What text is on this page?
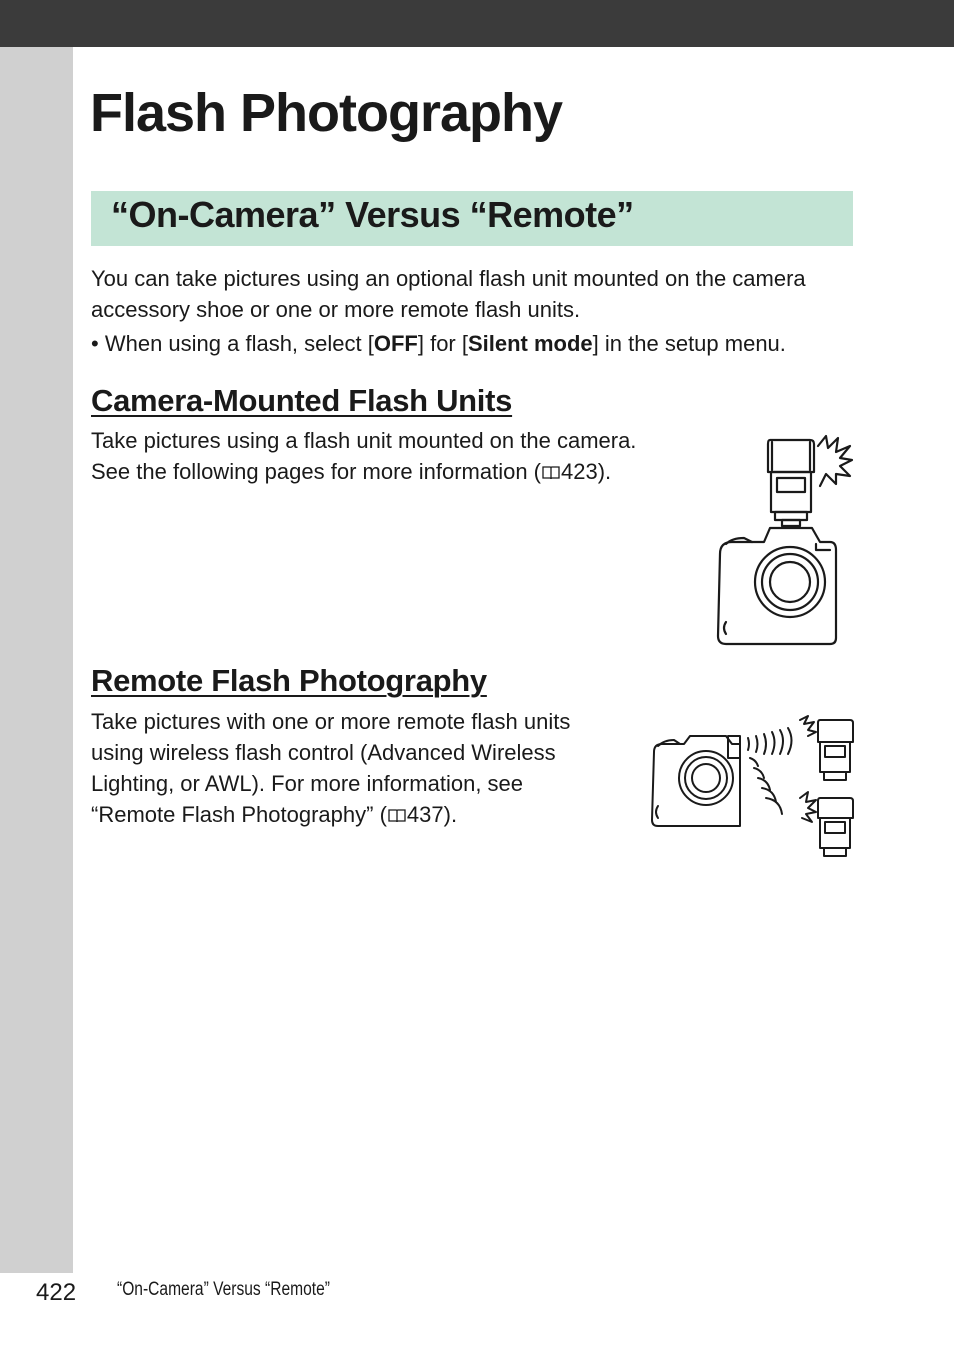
Flash Photography
“On-Camera” Versus “Remote”

You can take pictures using an optional flash unit mounted on the camera accessory shoe or one or more remote flash units.

• When using a flash, select [OFF] for [Silent mode] in the setup menu.

Camera-Mounted Flash Units

Take pictures using a flash unit mounted on the camera.
See the following pages for more information ( 423).

Remote Flash Photography

Take pictures with one or more remote flash units
using wireless flash control (Advanced Wireless
Lighting, or AWL). For more information, see
“Remote Flash Photography” ( 437).

422 “On-Camera” Versus “Remote”
